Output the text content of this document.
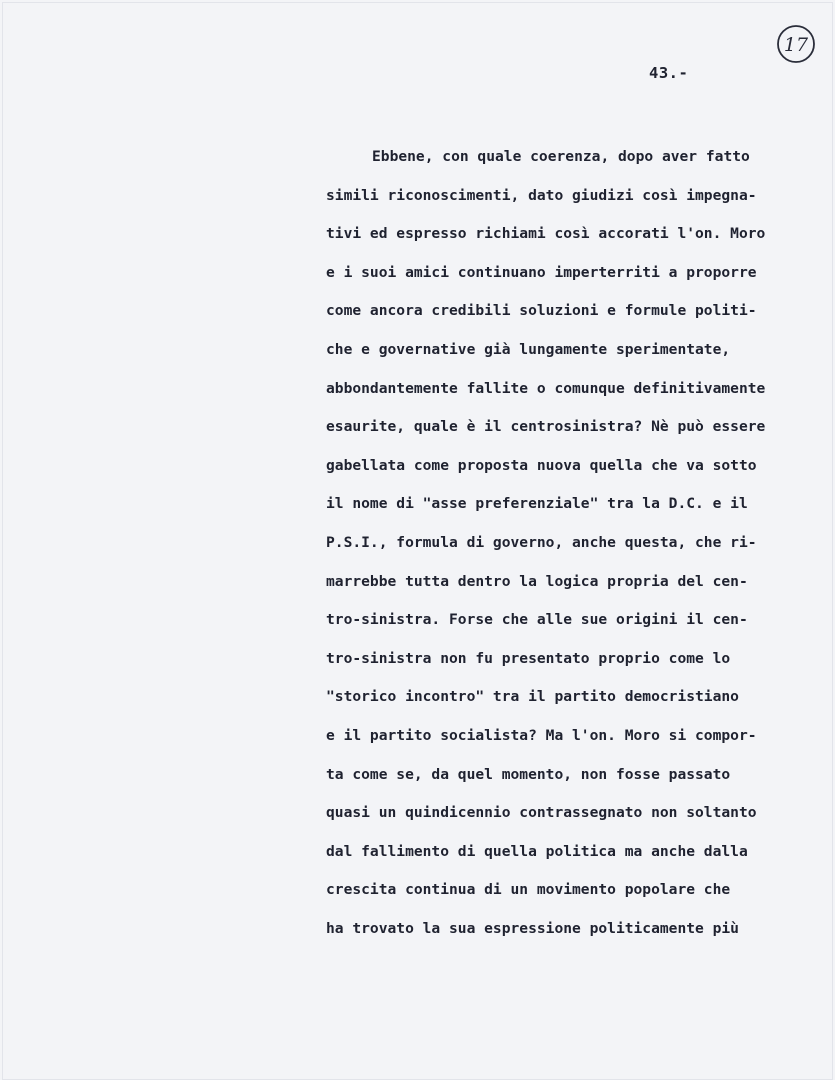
17
43.-
Ebbene, con quale coerenza, dopo aver fatto
simili riconoscimenti, dato giudizi così impegna-
tivi ed espresso richiami così accorati l'on. Moro
e i suoi amici continuano imperterriti a proporre
come ancora credibili soluzioni e formule politi-
che e governative già lungamente sperimentate,
abbondantemente fallite o comunque definitivamente
esaurite, quale è il centrosinistra? Nè può essere
gabellata come proposta nuova quella che va sotto
il nome di "asse preferenziale" tra la D.C. e il
P.S.I., formula di governo, anche questa, che ri-
marrebbe tutta dentro la logica propria del cen-
tro-sinistra. Forse che alle sue origini il cen-
tro-sinistra non fu presentato proprio come lo
"storico incontro" tra il partito democristiano
e il partito socialista? Ma l'on. Moro si compor-
ta come se, da quel momento, non fosse passato
quasi un quindicennio contrassegnato non soltanto
dal fallimento di quella politica ma anche dalla
crescita continua di un movimento popolare che
ha trovato la sua espressione politicamente più
